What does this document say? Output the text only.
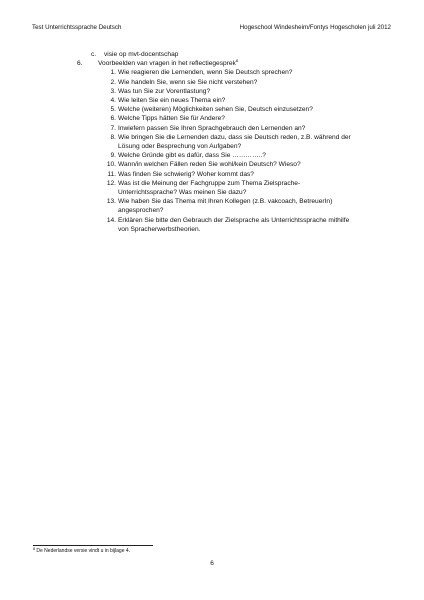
Test Unterrichtssprache Deutsch	Hogeschool Windesheim/Fontys Hogescholen juli 2012
c. visie op mvt-docentschap
6. Voorbeelden van vragen in het reflectiegesprek$^8$
1. Wie reagieren die Lernenden, wenn Sie Deutsch sprechen?
2. Wie handeln Sie, wenn sie Sie nicht verstehen?
3. Was tun Sie zur Vorentlastung?
4. Wie leiten Sie ein neues Thema ein?
5. Welche (weiteren) Möglichkeiten sehen Sie, Deutsch einzusetzen?
6. Welche Tipps hätten Sie für Andere?
7. Inwiefern passen Sie Ihren Sprachgebrauch den Lernenden an?
8. Wie bringen Sie die Lernenden dazu, dass sie Deutsch reden, z.B. während der
Lösung oder Besprechung von Aufgaben?
9. Welche Gründe gibt es dafür, dass Sie …………..?
10. Wann/in welchen Fällen reden Sie wohl/kein Deutsch? Wieso?
11. Was finden Sie schwierig? Woher kommt das?
12. Was ist die Meinung der Fachgruppe zum Thema Zielsprache-
Unterrichtssprache? Was meinen Sie dazu?
13. Wie haben Sie das Thema mit Ihren Kollegen (z.B. vakcoach, BetreuerIn)
angesprochen?
14. Erklären Sie bitte den Gebrauch der Zielsprache als Unterrichtssprache mithilfe
von Spracherwerbstheorien.
$^8$ De Nederlandse versie vindt u in bijlage 4.
6
